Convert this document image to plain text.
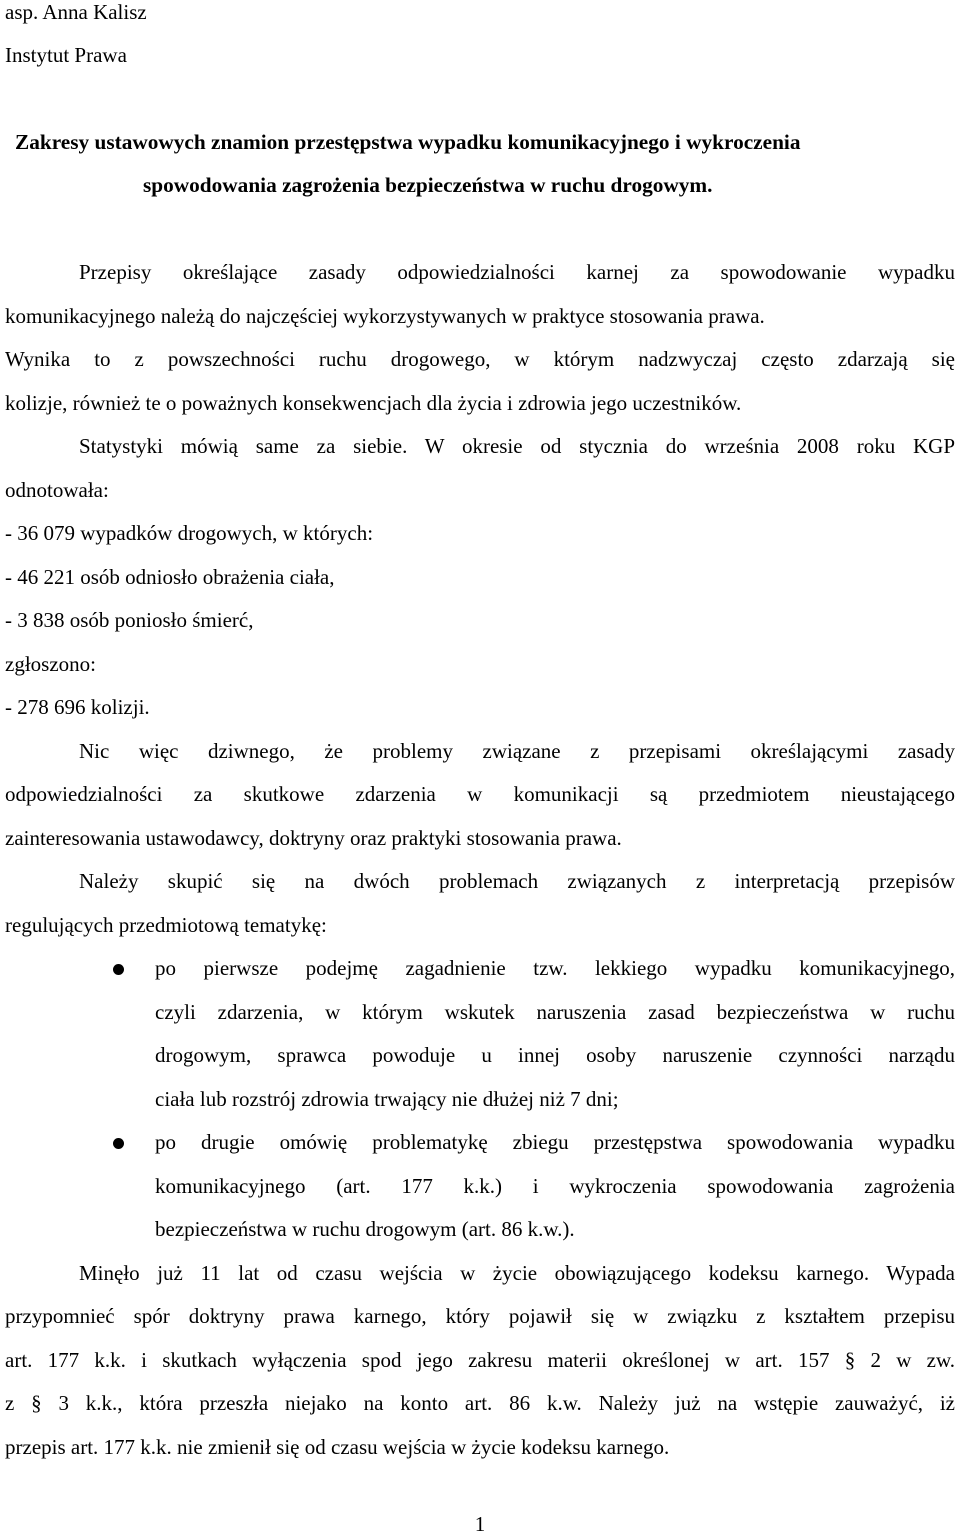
asp. Anna Kalisz
Instytut Prawa
Zakresy ustawowych znamion przestępstwa wypadku komunikacyjnego i wykroczenia
spowodowania zagrożenia bezpieczeństwa w ruchu drogowym.
Przepisy określające zasady odpowiedzialności karnej za spowodowanie wypadku
komunikacyjnego należą do najczęściej wykorzystywanych w praktyce stosowania prawa.
Wynika to z powszechności ruchu drogowego, w którym nadzwyczaj często zdarzają się
kolizje, również te o poważnych konsekwencjach dla życia i zdrowia jego uczestników.
Statystyki mówią same za siebie. W okresie od stycznia do września 2008 roku KGP
odnotowała:
- 36 079 wypadków drogowych, w których:
- 46 221 osób odniosło obrażenia ciała,
- 3 838 osób poniosło śmierć,
zgłoszono:
- 278 696 kolizji.
Nic więc dziwnego, że problemy związane z przepisami określającymi zasady
odpowiedzialności za skutkowe zdarzenia w komunikacji są przedmiotem nieustającego
zainteresowania ustawodawcy, doktryny oraz praktyki stosowania prawa.
Należy skupić się na dwóch problemach związanych z interpretacją przepisów
regulujących przedmiotową tematykę:
po pierwsze podejmę zagadnienie tzw. lekkiego wypadku komunikacyjnego,
czyli zdarzenia, w którym wskutek naruszenia zasad bezpieczeństwa w ruchu
drogowym, sprawca powoduje u innej osoby naruszenie czynności narządu
ciała lub rozstrój zdrowia trwający nie dłużej niż 7 dni;
po drugie omówię problematykę zbiegu przestępstwa spowodowania wypadku
komunikacyjnego (art. 177 k.k.) i wykroczenia spowodowania zagrożenia
bezpieczeństwa w ruchu drogowym (art. 86 k.w.).
Minęło już 11 lat od czasu wejścia w życie obowiązującego kodeksu karnego. Wypada
przypomnieć spór doktryny prawa karnego, który pojawił się w związku z kształtem przepisu
art. 177 k.k. i skutkach wyłączenia spod jego zakresu materii określonej w art. 157 § 2 w zw.
z § 3 k.k., która przeszła niejako na konto art. 86 k.w. Należy już na wstępie zauważyć, iż
przepis art. 177 k.k. nie zmienił się od czasu wejścia w życie kodeksu karnego.
1
